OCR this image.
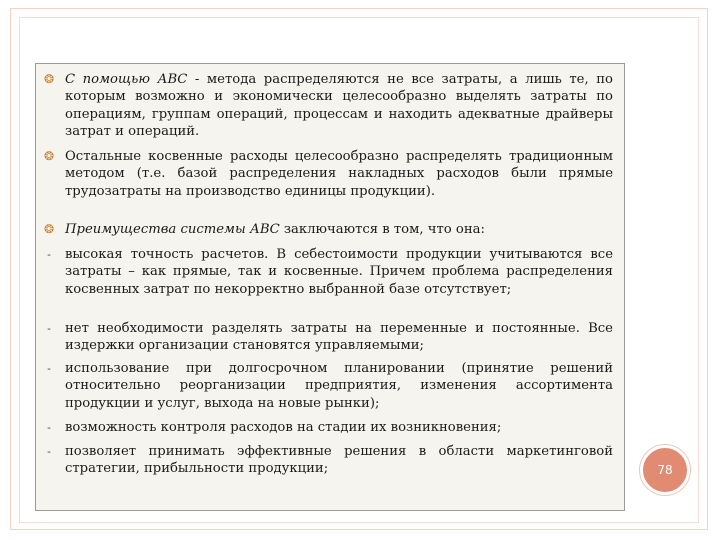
❂ С помощью АВС - метода распределяются не все затраты, а лишь те, по которым возможно и экономически целесообразно выделять затраты по операциям, группам операций, процессам и находить адекватные драйверы затрат и операций.
❂ Остальные косвенные расходы целесообразно распределять традиционным методом (т.е. базой распределения накладных расходов были прямые трудозатраты на производство единицы продукции).
❂ Преимущества системы АВС заключаются в том, что она:
- высокая точность расчетов. В себестоимости продукции учитываются все затраты – как прямые, так и косвенные. Причем проблема распределения косвенных затрат по некорректно выбранной базе отсутствует;
- нет необходимости разделять затраты на переменные и постоянные. Все издержки организации становятся управляемыми;
- использование при долгосрочном планировании (принятие решений относительно реорганизации предприятия, изменения ассортимента продукции и услуг, выхода на новые рынки);
- возможность контроля расходов на стадии их возникновения;
- позволяет принимать эффективные решения в области маркетинговой стратегии, прибыльности продукции;	78
